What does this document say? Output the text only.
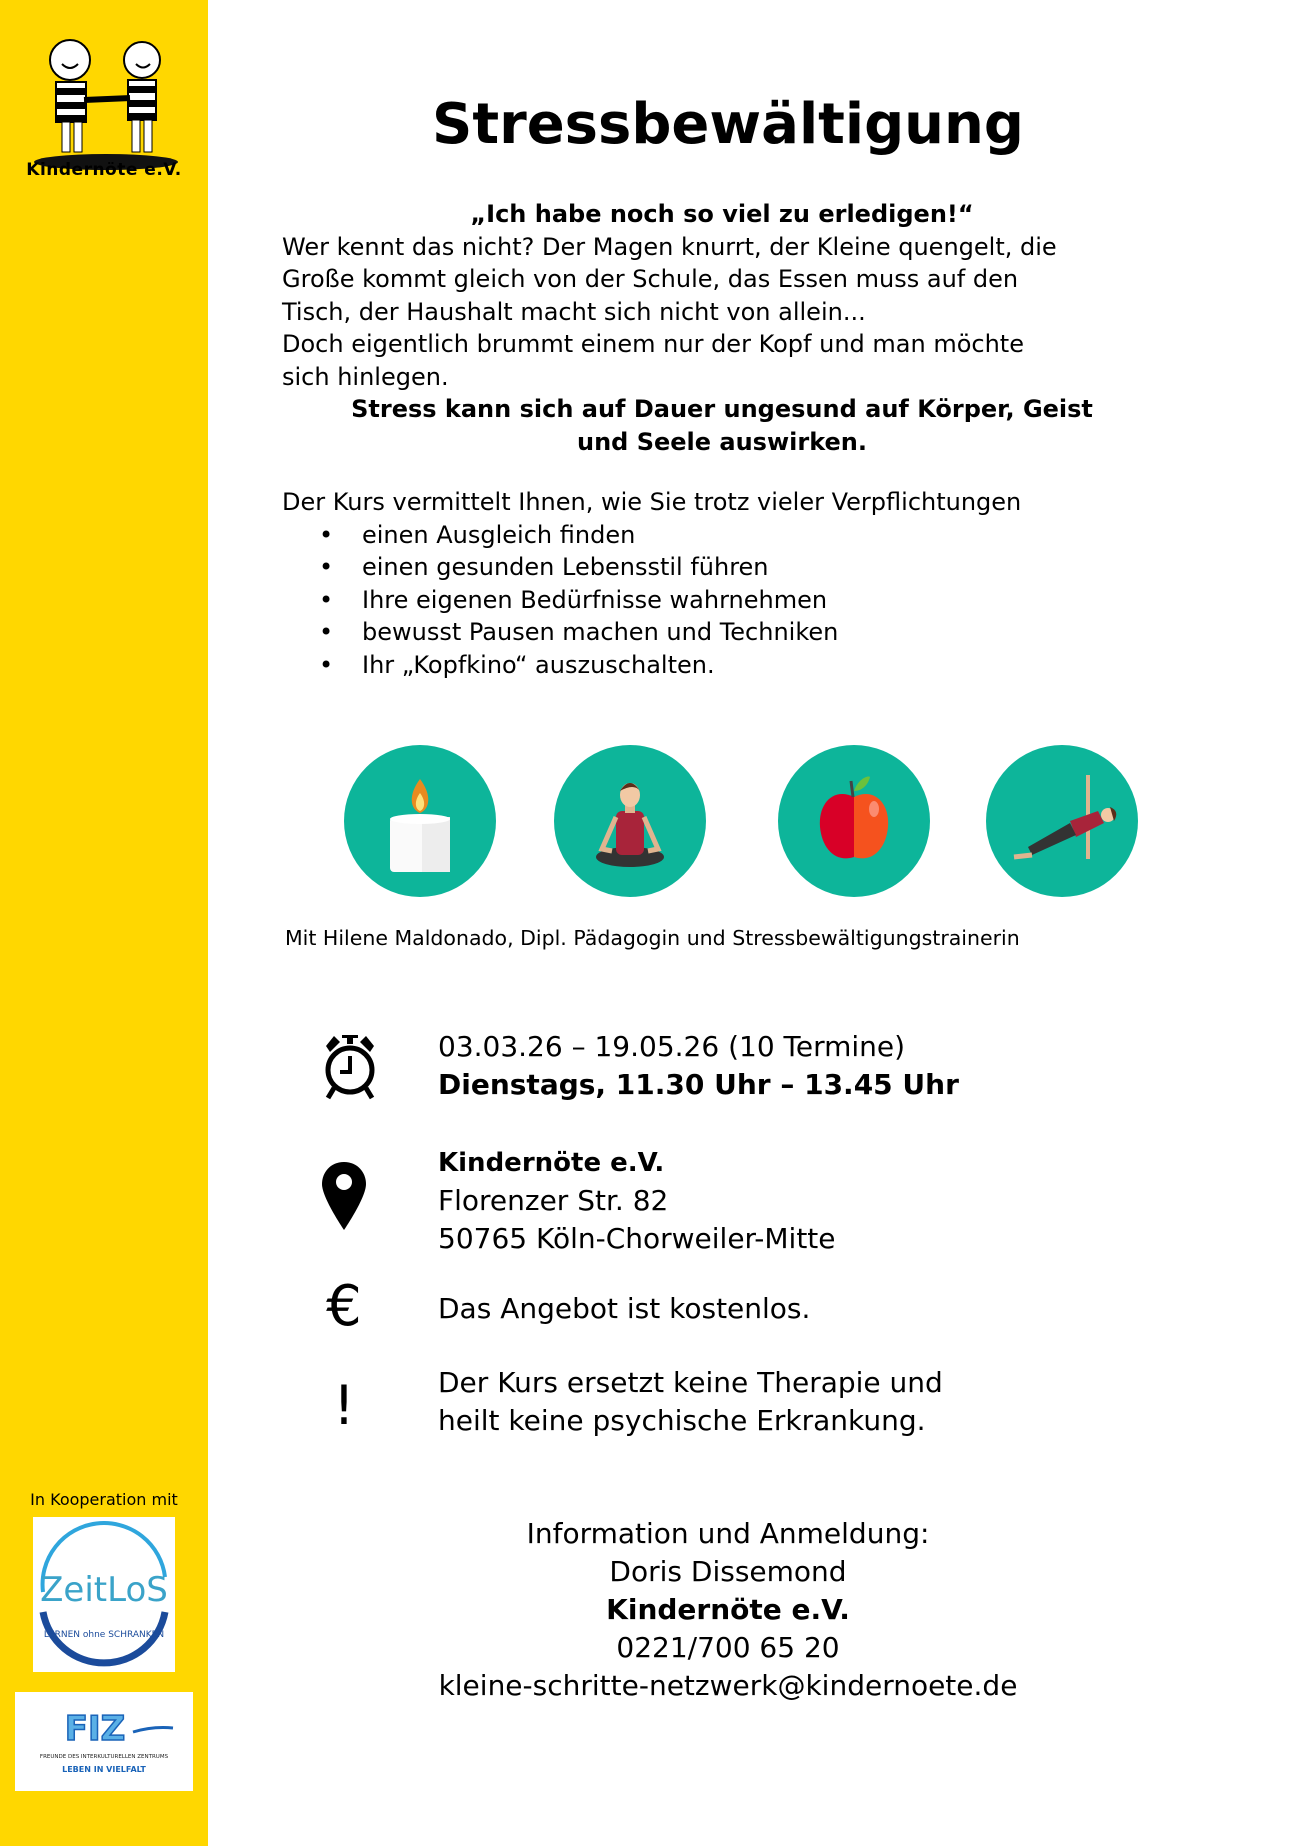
Kindernöte e.V.
In Kooperation mit
ZeitLoS
LERNEN ohne SCHRANKEN
FIZ
FREUNDE DES INTERKULTURELLEN ZENTRUMS
LEBEN IN VIELFALT
Stressbewältigung
„Ich habe noch so viel zu erledigen!“
Wer kennt das nicht? Der Magen knurrt, der Kleine quengelt, die
Große kommt gleich von der Schule, das Essen muss auf den
Tisch, der Haushalt macht sich nicht von allein...
Doch eigentlich brummt einem nur der Kopf und man möchte
sich hinlegen.
Stress kann sich auf Dauer ungesund auf Körper, Geist
und Seele auswirken.
Der Kurs vermittelt Ihnen, wie Sie trotz vieler Verpflichtungen
• einen Ausgleich finden
• einen gesunden Lebensstil führen
• Ihre eigenen Bedürfnisse wahrnehmen
• bewusst Pausen machen und Techniken
• Ihr „Kopfkino“ auszuschalten.
Mit Hilene Maldonado, Dipl. Pädagogin und Stressbewältigungstrainerin
03.03.26 – 19.05.26 (10 Termine)
Dienstags, 11.30 Uhr – 13.45 Uhr
Kindernöte e.V.
Florenzer Str. 82
50765 Köln-Chorweiler-Mitte
€	Das Angebot ist kostenlos.
!	Der Kurs ersetzt keine Therapie und
heilt keine psychische Erkrankung.
Information und Anmeldung:
Doris Dissemond
Kindernöte e.V.
0221/700 65 20
kleine-schritte-netzwerk@kindernoete.de
